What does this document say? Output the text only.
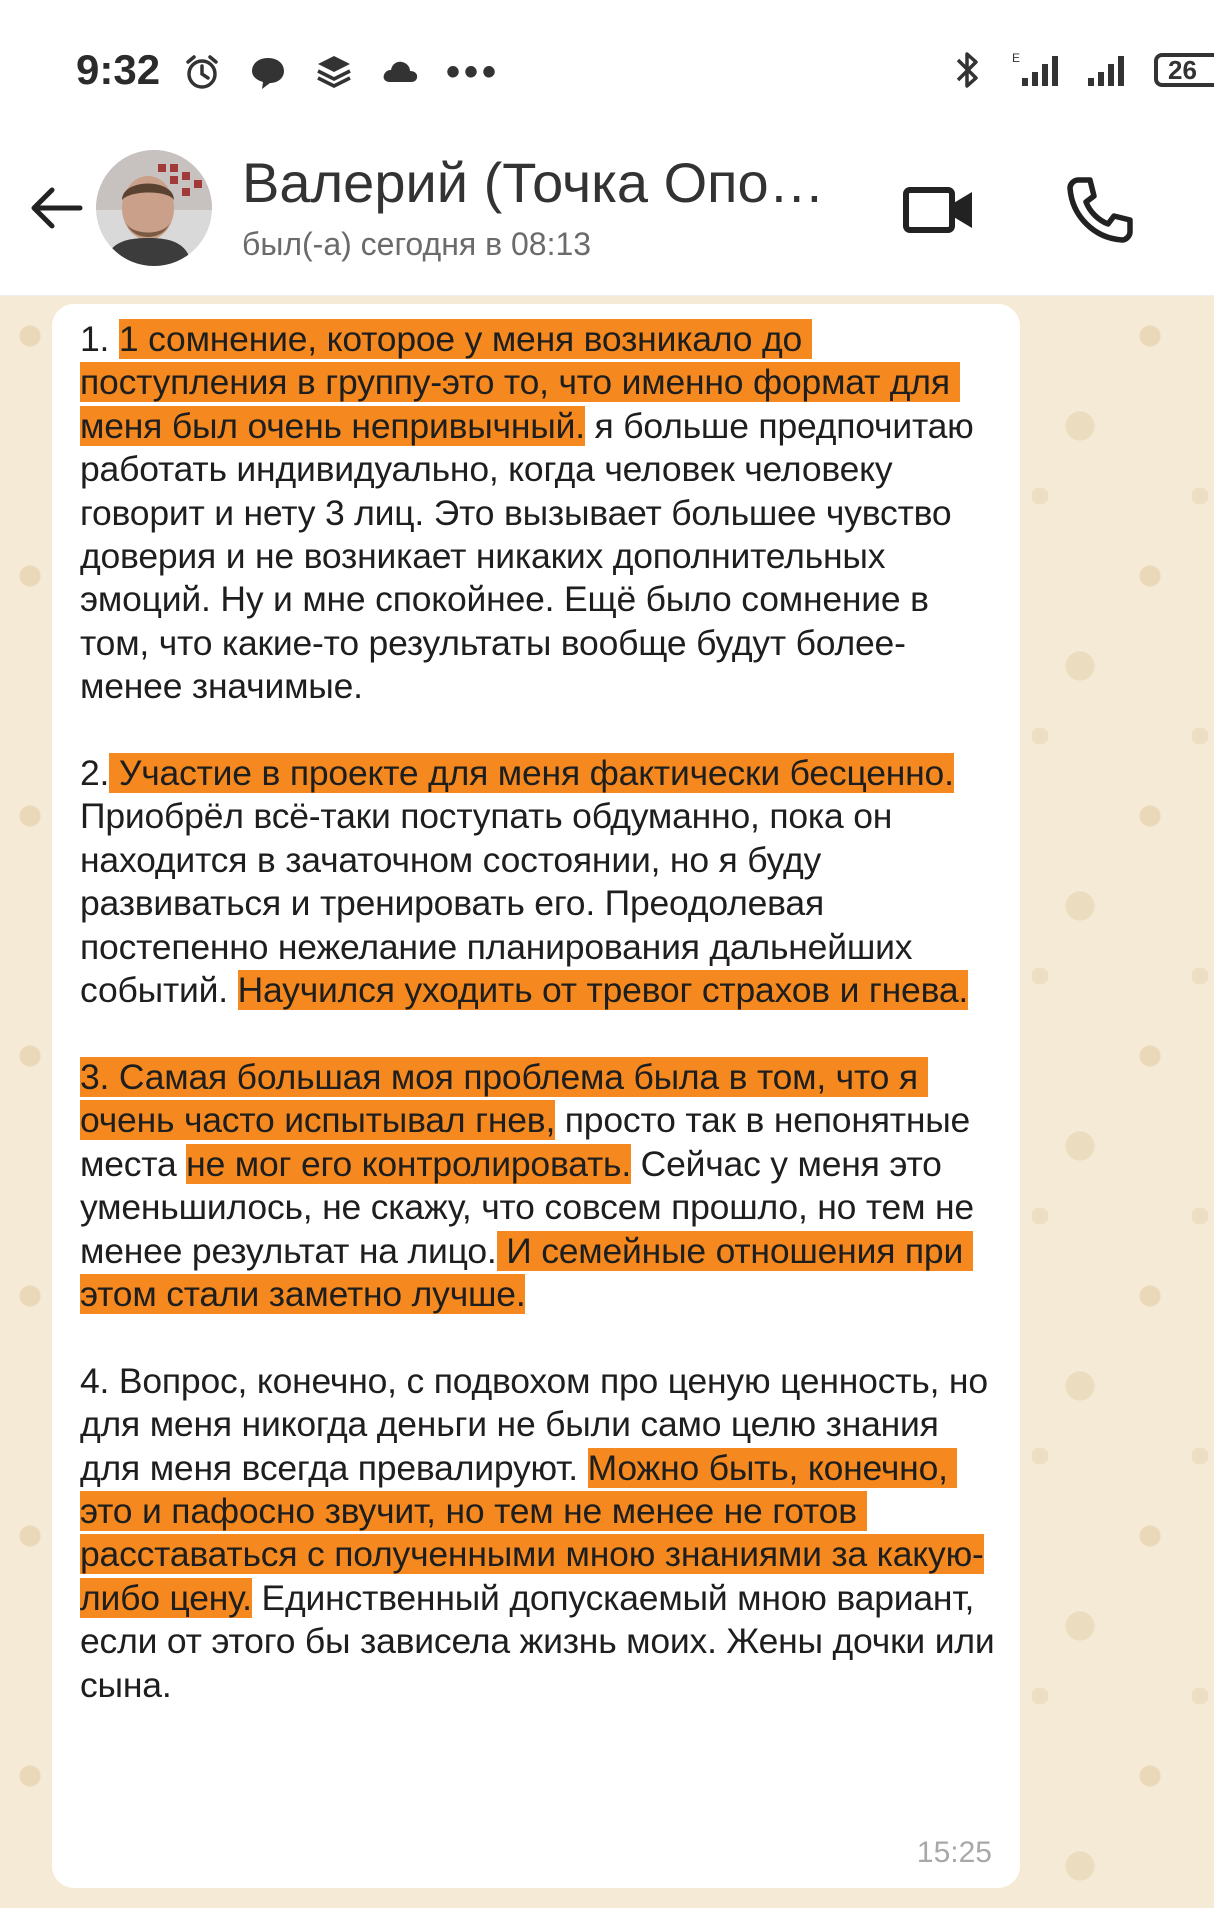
9:32	•••	E	26
Валерий (Точка Опо…
был(-а) сегодня в 08:13

1. 1 сомнение, которое у меня возникало до поступления в группу-это то, что именно формат для меня был очень непривычный. я больше предпочитаю работать индивидуально, когда человек человеку говорит и нету 3 лиц. Это вызывает большее чувство доверия и не возникает никаких дополнительных эмоций. Ну и мне спокойнее. Ещё было сомнение в том, что какие-то результаты вообще будут более-менее значимые.

2. Участие в проекте для меня фактически бесценно. Приобрёл всё-таки поступать обдуманно, пока он находится в зачаточном состоянии, но я буду развиваться и тренировать его. Преодолевая постепенно нежелание планирования дальнейших событий. Научился уходить от тревог страхов и гнева.

3. Самая большая моя проблема была в том, что я очень часто испытывал гнев, просто так в непонятные места не мог его контролировать. Сейчас у меня это уменьшилось, не скажу, что совсем прошло, но тем не менее результат на лицо. И семейные отношения при этом стали заметно лучше.

4. Вопрос, конечно, с подвохом про ценую ценность, но для меня никогда деньги не были само целю знания для меня всегда превалируют. Можно быть, конечно, это и пафосно звучит, но тем не менее не готов расставаться с полученными мною знаниями за какую-либо цену. Единственный допускаемый мною вариант, если от этого бы зависела жизнь моих. Жены дочки или сына.

15:25
